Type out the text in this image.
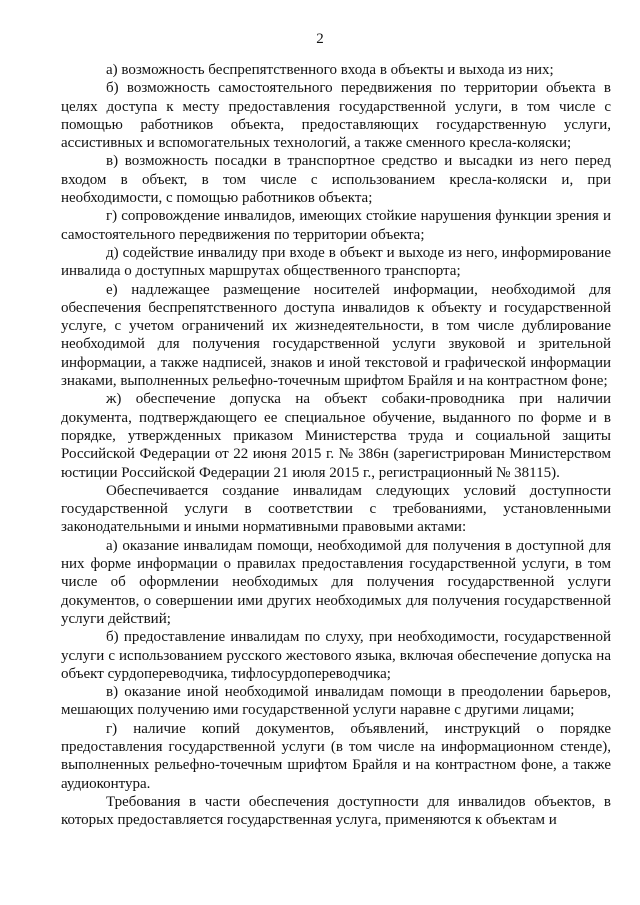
2

а) возможность беспрепятственного входа в объекты и выхода из них;

б) возможность самостоятельного передвижения по территории объекта в целях доступа к месту предоставления государственной услуги, в том числе с помощью работников объекта, предоставляющих государственную услуги, ассистивных и вспомогательных технологий, а также сменного кресла-коляски;

в) возможность посадки в транспортное средство и высадки из него перед входом в объект, в том числе с использованием кресла-коляски и, при необходимости, с помощью работников объекта;

г) сопровождение инвалидов, имеющих стойкие нарушения функции зрения и самостоятельного передвижения по территории объекта;

д) содействие инвалиду при входе в объект и выходе из него, информирование инвалида о доступных маршрутах общественного транспорта;

е) надлежащее размещение носителей информации, необходимой для обеспечения беспрепятственного доступа инвалидов к объекту и государственной услуге, с учетом ограничений их жизнедеятельности, в том числе дублирование необходимой для получения государственной услуги звуковой и зрительной информации, а также надписей, знаков и иной текстовой и графической информации знаками, выполненных рельефно-точечным шрифтом Брайля и на контрастном фоне;

ж) обеспечение допуска на объект собаки-проводника при наличии документа, подтверждающего ее специальное обучение, выданного по форме и в порядке, утвержденных приказом Министерства труда и социальной защиты Российской Федерации от 22 июня 2015 г. № 386н (зарегистрирован Министерством юстиции Российской Федерации 21 июля 2015 г., регистрационный № 38115).

Обеспечивается создание инвалидам следующих условий доступности государственной услуги в соответствии с требованиями, установленными законодательными и иными нормативными правовыми актами:

а) оказание инвалидам помощи, необходимой для получения в доступной для них форме информации о правилах предоставления государственной услуги, в том числе об оформлении необходимых для получения государственной услуги документов, о совершении ими других необходимых для получения государственной услуги действий;

б) предоставление инвалидам по слуху, при необходимости, государственной услуги с использованием русского жестового языка, включая обеспечение допуска на объект сурдопереводчика, тифлосурдопереводчика;

в) оказание иной необходимой инвалидам помощи в преодолении барьеров, мешающих получению ими государственной услуги наравне с другими лицами;

г) наличие копий документов, объявлений, инструкций о порядке предоставления государственной услуги (в том числе на информационном стенде), выполненных рельефно-точечным шрифтом Брайля и на контрастном фоне, а также аудиоконтура.

Требования в части обеспечения доступности для инвалидов объектов, в которых предоставляется государственная услуга, применяются к объектам и
